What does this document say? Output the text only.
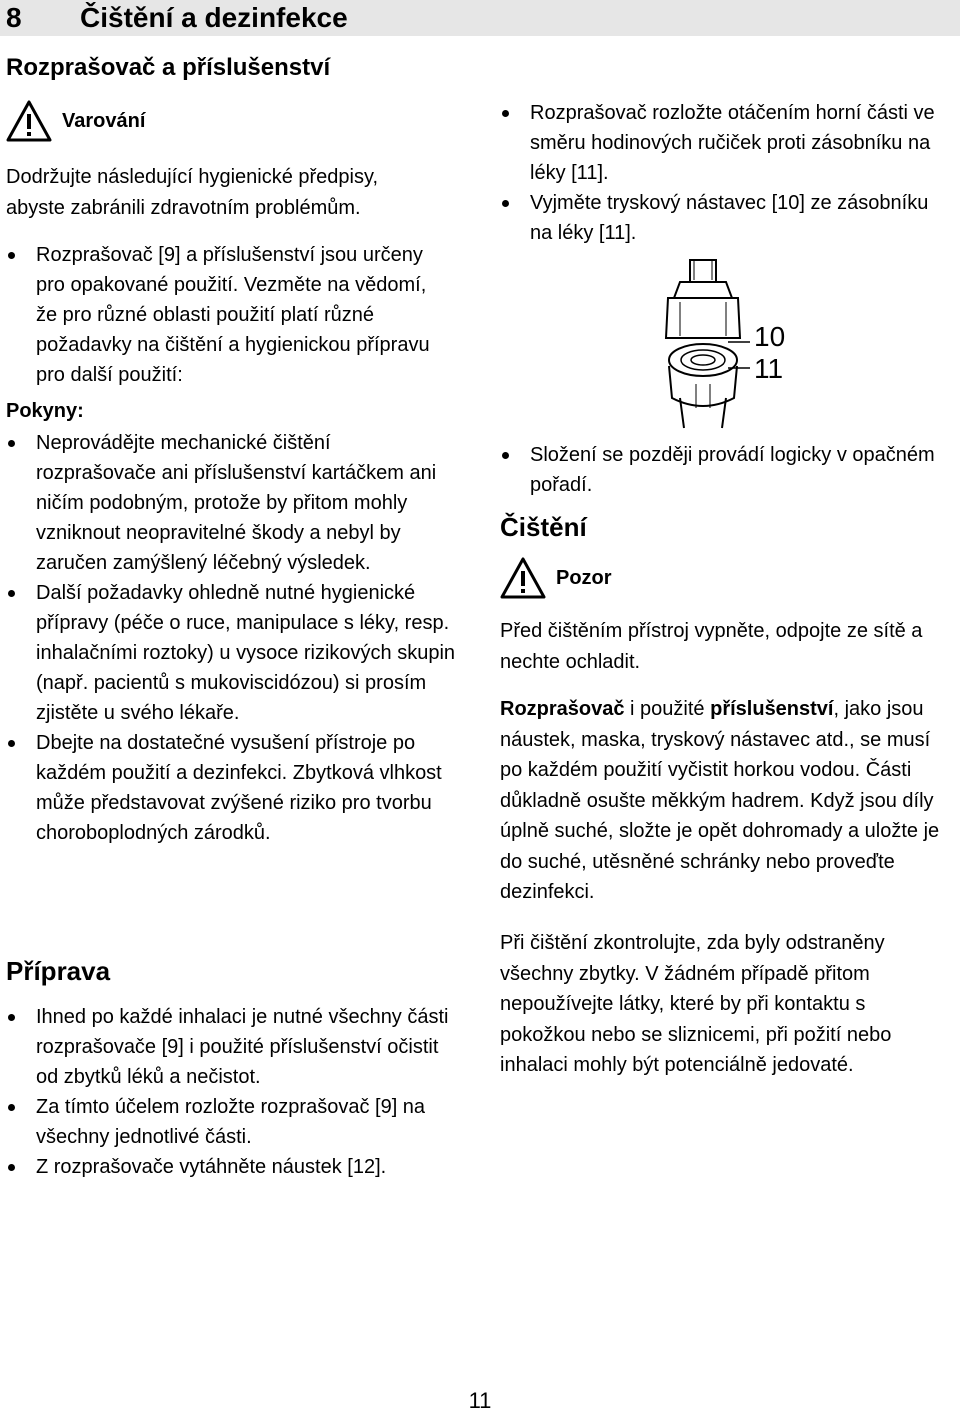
8 Čištění a dezinfekce
Rozprašovač a příslušenství
Varování

Dodržujte následující hygienické předpisy,

abyste zabránili zdravotním problémům.

Rozprašovač [9] a příslušenství jsou určeny pro opakované použití. Vezměte na vědomí, že pro různé oblasti použití platí různé požadavky na čištění a hygienickou přípravu pro další použití:
Pokyny:
Neprovádějte mechanické čištění rozprašovače ani příslušenství kartáčkem ani ničím podobným, protože by přitom mohly vzniknout neopravitelné škody a nebyl by zaručen zamýšlený léčebný výsledek.
Další požadavky ohledně nutné hygienické přípravy (péče o ruce, manipulace s léky, resp. inhalačními roztoky) u vysoce rizikových skupin (např. pacientů s mukoviscidózou) si prosím zjistěte u svého lékaře.
Dbejte na dostatečné vysušení přístroje po každém použití a dezinfekci. Zbytková vlhkost může představovat zvýšené riziko pro tvorbu choroboplodných zárodků.
Příprava
Ihned po každé inhalaci je nutné všechny části rozprašovače [9] i použité příslušenství očistit od zbytků léků a nečistot.
Za tímto účelem rozložte rozprašovač [9] na všechny jednotlivé části.
Z rozprašovače vytáhněte náustek [12].
Rozprašovač rozložte otáčením horní části ve směru hodinových ručiček proti zásobníku na léky [11].
Vyjměte tryskový nástavec [10] ze zásobníku na léky [11].
10
11
Složení se později provádí logicky v opačném pořadí.
Čištění
Pozor
Před čištěním přístroj vypněte, odpojte ze sítě a nechte ochladit.
Rozprašovač i použité příslušenství, jako jsou náustek, maska, tryskový nástavec atd., se musí po každém použití vyčistit horkou vodou. Části důkladně osušte měkkým hadrem. Když jsou díly úplně suché, složte je opět dohromady a uložte je do suché, utěsněné schránky nebo proveďte dezinfekci.
Při čištění zkontrolujte, zda byly odstraněny všechny zbytky. V žádném případě přitom nepoužívejte látky, které by při kontaktu s pokožkou nebo se sliznicemi, při požití nebo inhalaci mohly být potenciálně jedovaté.
11
